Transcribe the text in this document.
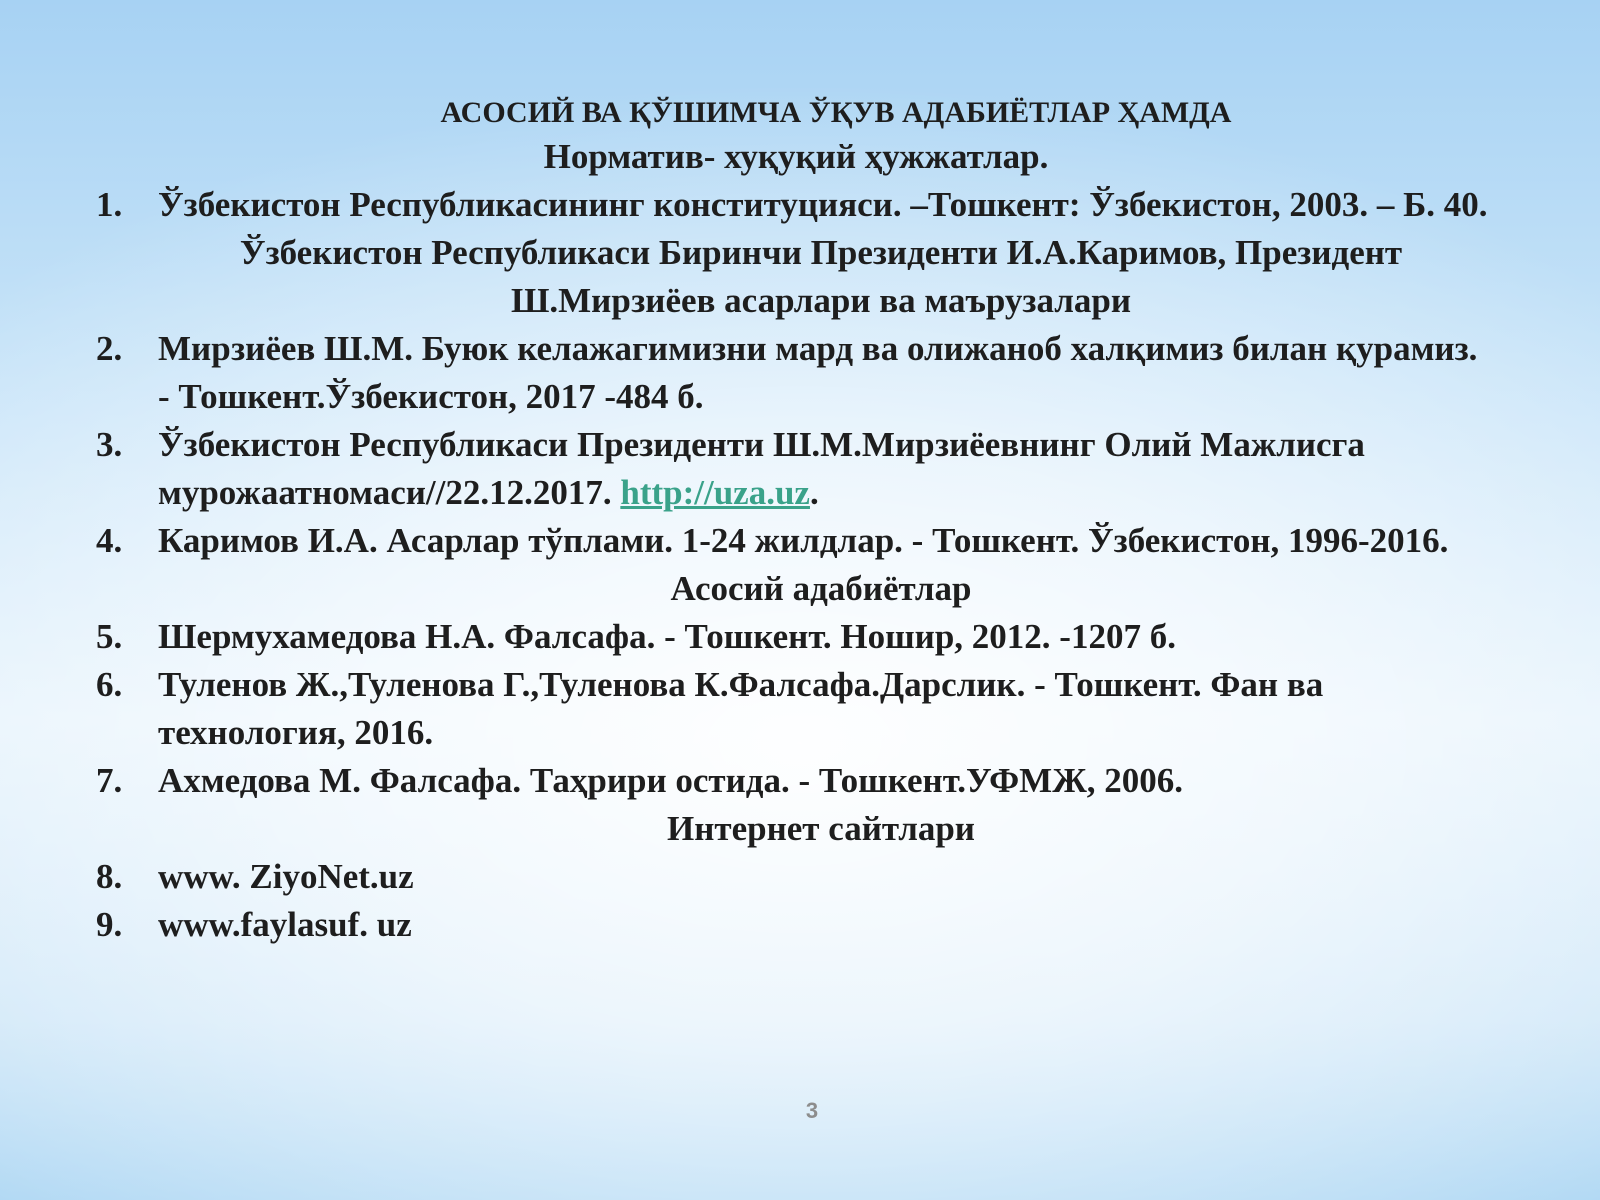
АСОСИЙ ВА ҚЎШИМЧА ЎҚУВ АДАБИЁТЛАР ҲАМДА

Норматив- хуқуқий ҳужжатлар.

1.	Ўзбекистон Республикасининг конституцияси. –Тошкент: Ўзбекистон, 2003. – Б. 40.
Ўзбекистон Республикаси Биринчи Президенти И.А.Каримов, Президент Ш.Мирзиёев асарлари ва маърузалари
2.	Мирзиёев Ш.М. Буюк келажагимизни мард ва олижаноб халқимиз билан қурамиз. - Тошкент.Ўзбекистон, 2017 -484 б.
3.	Ўзбекистон Республикаси Президенти Ш.М.Мирзиёевнинг Олий Мажлисга мурожаатномаси//22.12.2017. http://uza.uz.
4.	Каримов И.А. Асарлар тўплами. 1-24 жилдлар. - Тошкент. Ўзбекистон, 1996-2016.
Асосий адабиётлар
5.	Шермухамедова Н.А. Фалсафа. - Тошкент. Ношир, 2012. -1207 б.
6.	Туленов Ж.,Туленова Г.,Туленова К.Фалсафа.Дарслик. - Тошкент. Фан ва технология, 2016.
7.	Ахмедова М. Фалсафа. Таҳрири остида. - Тошкент.УФМЖ, 2006.
Интернет сайтлари
8.	www. ZiyoNet.uz
9.	www.faylasuf. uz
3
